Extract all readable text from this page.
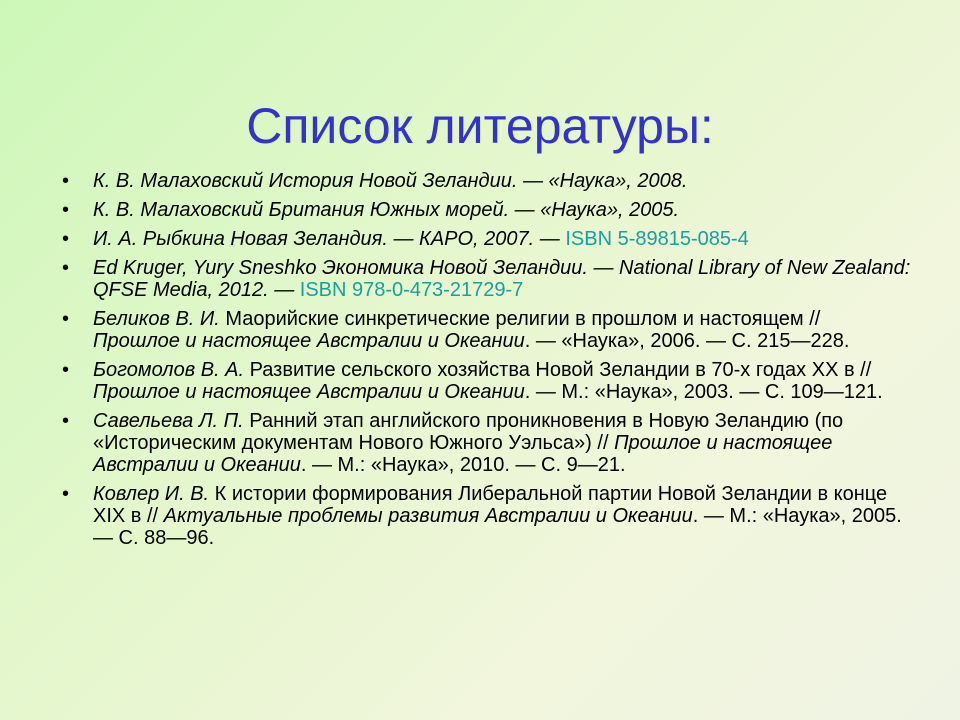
Список литературы:
• К. В. Малаховский История Новой Зеландии. — «Наука», 2008.
• К. В. Малаховский Британия Южных морей. — «Наука», 2005.
• И. А. Рыбкина Новая Зеландия. — КАРО, 2007. — ISBN 5-89815-085-4
• Ed Kruger, Yury Sneshko Экономика Новой Зеландии. — National Library of New Zealand: QFSE Media, 2012. — ISBN 978-0-473-21729-7
• Беликов В. И. Маорийские синкретические религии в прошлом и настоящем // Прошлое и настоящее Австралии и Океании. — «Наука», 2006. — С. 215—228.
• Богомолов В. А. Развитие сельского хозяйства Новой Зеландии в 70-х годах XX в // Прошлое и настоящее Австралии и Океании. — М.: «Наука», 2003. — С. 109—121.
• Савельева Л. П. Ранний этап английского проникновения в Новую Зеландию (по «Историческим документам Нового Южного Уэльса») // Прошлое и настоящее Австралии и Океании. — М.: «Наука», 2010. — С. 9—21.
• Ковлер И. В. К истории формирования Либеральной партии Новой Зеландии в конце XIX в // Актуальные проблемы развития Австралии и Океании. — М.: «Наука», 2005. — С. 88—96.
